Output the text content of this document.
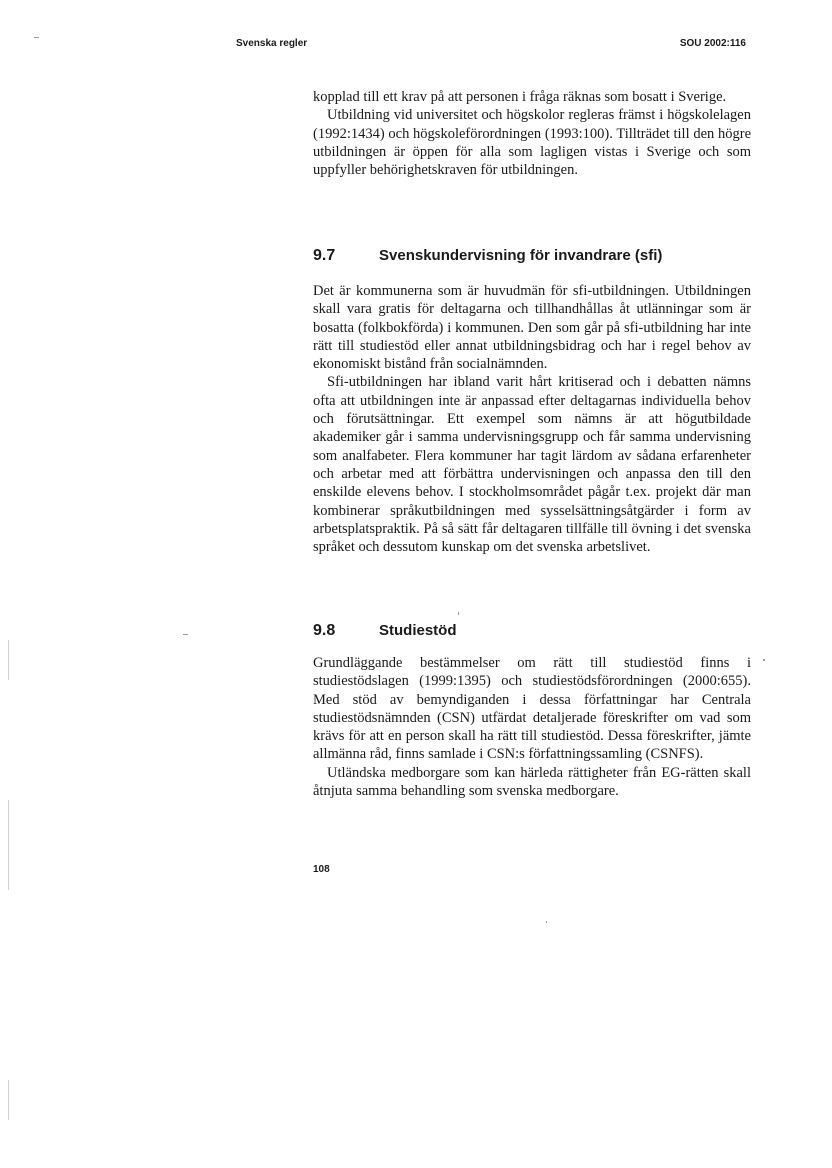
Svenska regler	SOU 2002:116

kopplad till ett krav på att personen i fråga räknas som bosatt i Sverige.

Utbildning vid universitet och högskolor regleras främst i högskolelagen (1992:1434) och högskoleförordningen (1993:100). Tillträdet till den högre utbildningen är öppen för alla som lagligen vistas i Sverige och som uppfyller behörighetskraven för utbildningen.

9.7	Svenskundervisning för invandrare (sfi)

Det är kommunerna som är huvudmän för sfi-utbildningen. Utbildningen skall vara gratis för deltagarna och tillhandhållas åt utlänningar som är bosatta (folkbokförda) i kommunen. Den som går på sfi-utbildning har inte rätt till studiestöd eller annat utbildningsbidrag och har i regel behov av ekonomiskt bistånd från socialnämnden.

Sfi-utbildningen har ibland varit hårt kritiserad och i debatten nämns ofta att utbildningen inte är anpassad efter deltagarnas individuella behov och förutsättningar. Ett exempel som nämns är att högutbildade akademiker går i samma undervisningsgrupp och får samma undervisning som analfabeter. Flera kommuner har tagit lärdom av sådana erfarenheter och arbetar med att förbättra undervisningen och anpassa den till den enskilde elevens behov. I stockholmsområdet pågår t.ex. projekt där man kombinerar språkutbildningen med sysselsättningsåtgärder i form av arbetsplatspraktik. På så sätt får deltagaren tillfälle till övning i det svenska språket och dessutom kunskap om det svenska arbetslivet.

9.8	Studiestöd

Grundläggande bestämmelser om rätt till studiestöd finns i studiestödslagen (1999:1395) och studiestödsförordningen (2000:655). Med stöd av bemyndiganden i dessa författningar har Centrala studiestödsnämnden (CSN) utfärdat detaljerade föreskrifter om vad som krävs för att en person skall ha rätt till studiestöd. Dessa föreskrifter, jämte allmänna råd, finns samlade i CSN:s författningssamling (CSNFS).

Utländska medborgare som kan härleda rättigheter från EG-rätten skall åtnjuta samma behandling som svenska medborgare.

108
